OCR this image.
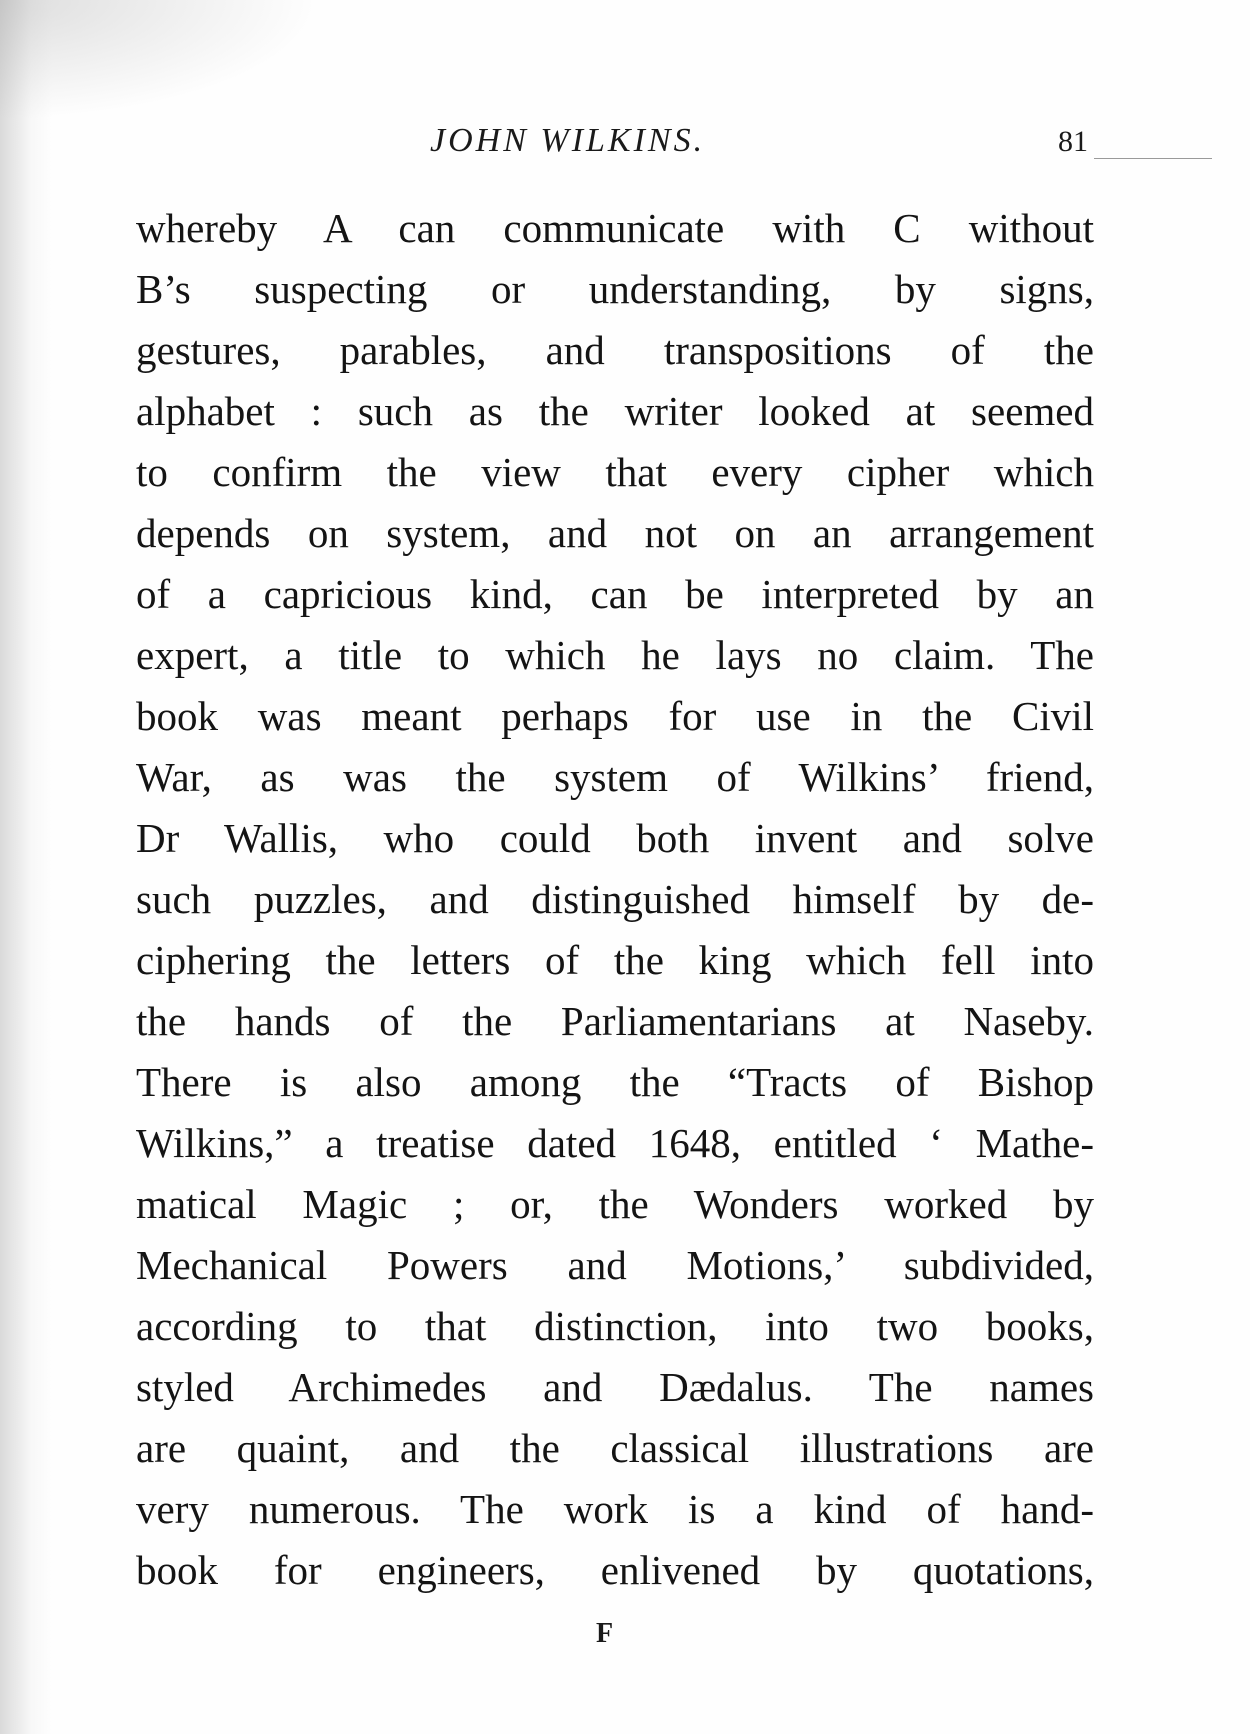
JOHN WILKINS.	81
whereby A can communicate with C without
B’s suspecting or understanding, by signs,
gestures, parables, and transpositions of the
alphabet : such as the writer looked at seemed
to confirm the view that every cipher which
depends on system, and not on an arrangement
of a capricious kind, can be interpreted by an
expert, a title to which he lays no claim. The
book was meant perhaps for use in the Civil
War, as was the system of Wilkins’ friend,
Dr Wallis, who could both invent and solve
such puzzles, and distinguished himself by de-
ciphering the letters of the king which fell into
the hands of the Parliamentarians at Naseby.
There is also among the “Tracts of Bishop
Wilkins,” a treatise dated 1648, entitled ‘ Mathe-
matical Magic ; or, the Wonders worked by
Mechanical Powers and Motions,’ subdivided,
according to that distinction, into two books,
styled Archimedes and Dædalus. The names
are quaint, and the classical illustrations are
very numerous. The work is a kind of hand-
book for engineers, enlivened by quotations,
F
